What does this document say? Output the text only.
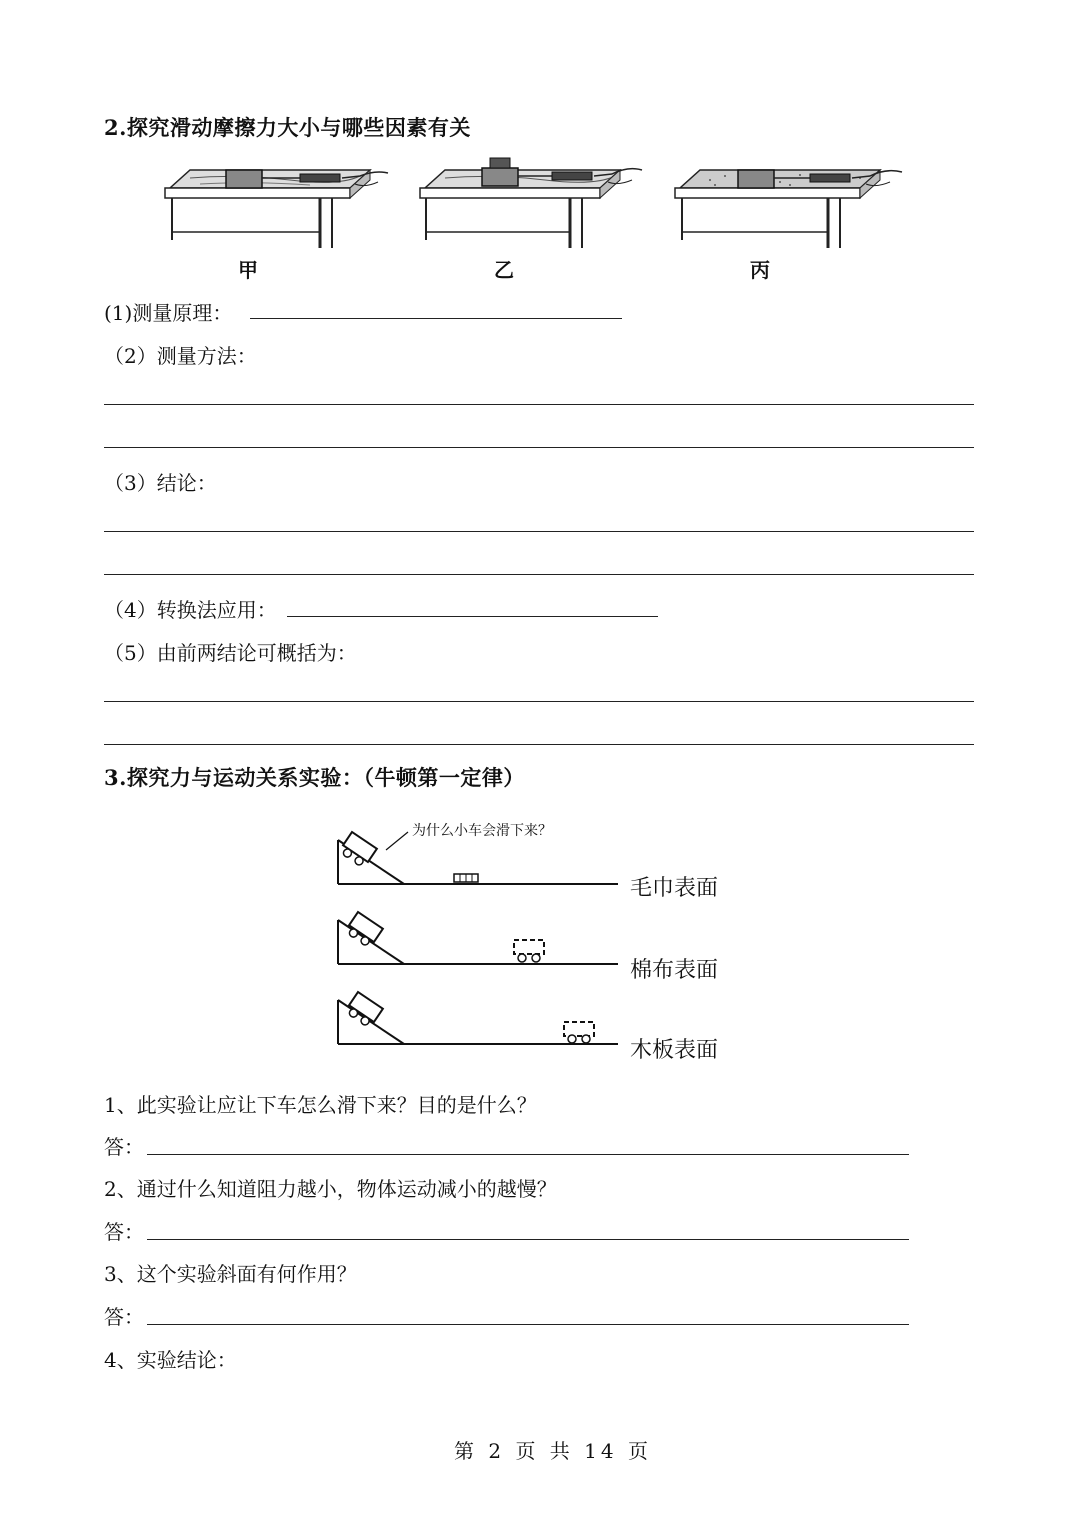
2.探究滑动摩擦力大小与哪些因素有关
甲	乙	丙
(1)测量原理：
（2）测量方法：
（3）结论：
（4）转换法应用：
（5）由前两结论可概括为：
3.探究力与运动关系实验：（牛顿第一定律）
为什么小车会滑下来？
毛巾表面
棉布表面
木板表面
1、此实验让应让下车怎么滑下来？目的是什么？
答：
2、通过什么知道阻力越小，物体运动减小的越慢？
答：
3、这个实验斜面有何作用？
答：
4、实验结论：
第 2 页 共 14 页
